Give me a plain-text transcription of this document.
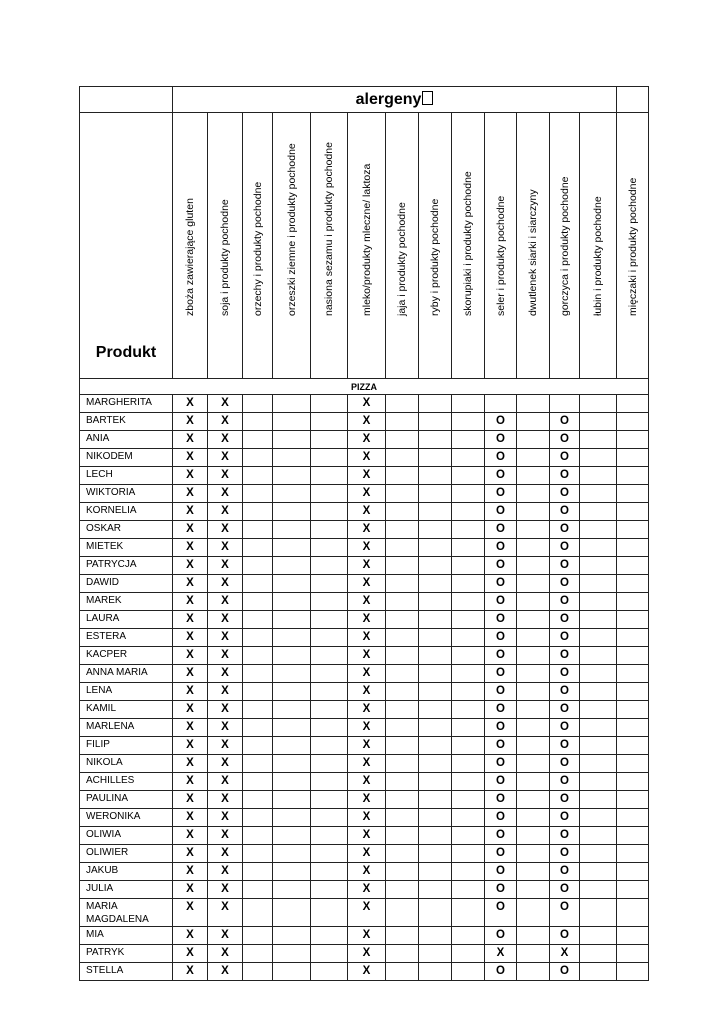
	alergeny													
Produkt	zboża zawierające gluten	soja i produkty pochodne	orzechy i produkty pochodne	orzeszki ziemne i produkty pochodne	nasiona sezamu i produkty pochodne	mleko/produkty mleczne/ laktoza	jaja i produkty pochodne	ryby i produkty pochodne	skorupiaki i produkty pochodne	seler i produkty pochodne	dwutlenek siarki i siarczyny	gorczyca i produkty pochodne	łubin i produkty pochodne	mięczaki i produkty pochodne

PIZZA														
MARGHERITA	X	X				X								
BARTEK	X	X				X				O		O		
ANIA	X	X				X				O		O		
NIKODEM	X	X				X				O		O		
LECH	X	X				X				O		O		
WIKTORIA	X	X				X				O		O		
KORNELIA	X	X				X				O		O		
OSKAR	X	X				X				O		O		
MIETEK	X	X				X				O		O		
PATRYCJA	X	X				X				O		O		
DAWID	X	X				X				O		O		
MAREK	X	X				X				O		O		
LAURA	X	X				X				O		O		
ESTERA	X	X				X				O		O		
KACPER	X	X				X				O		O		
ANNA MARIA	X	X				X				O		O		
LENA	X	X				X				O		O		
KAMIL	X	X				X				O		O		
MARLENA	X	X				X				O		O		
FILIP	X	X				X				O		O		
NIKOLA	X	X				X				O		O		
ACHILLES	X	X				X				O		O		
PAULINA	X	X				X				O		O		
WERONIKA	X	X				X				O		O		
OLIWIA	X	X				X				O		O		
OLIWIER	X	X				X				O		O		
JAKUB	X	X				X				O		O		
JULIA	X	X				X				O		O		
MARIA MAGDALENA	X	X				X				O		O		
MIA	X	X				X				O		O		
PATRYK	X	X				X				X		X		
STELLA	X	X				X				O		O		
